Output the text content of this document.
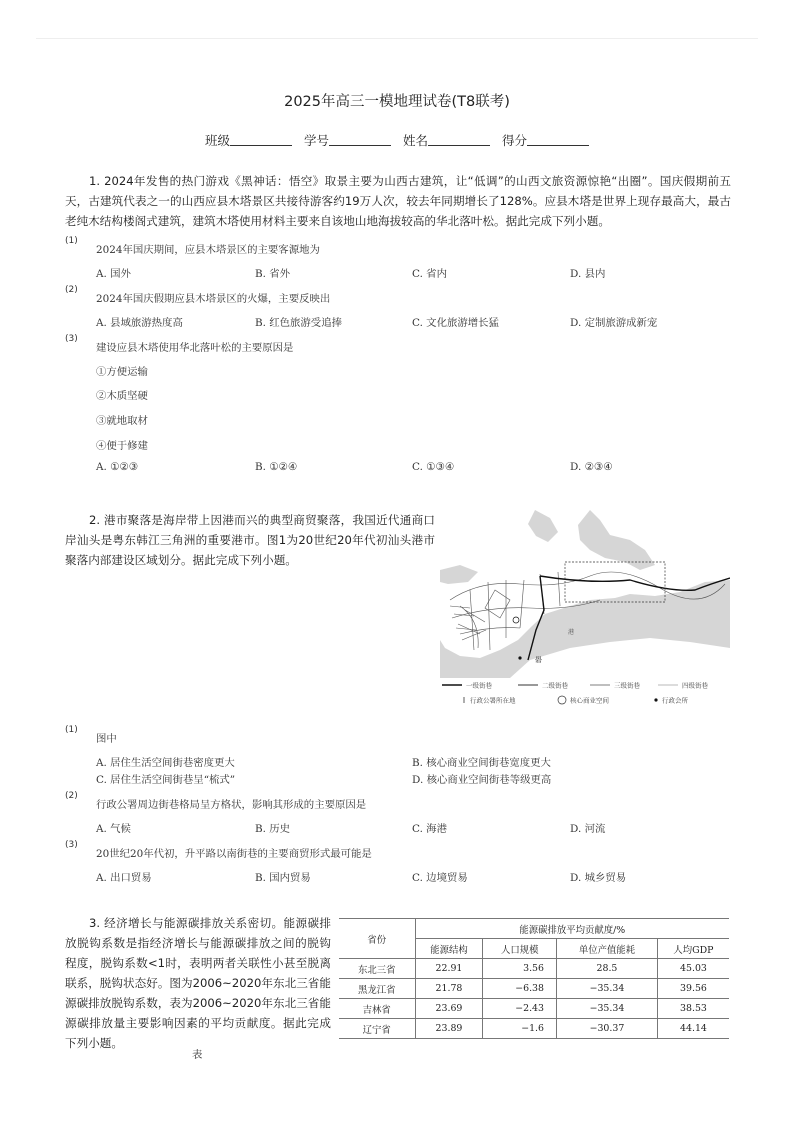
2025年高三一模地理试卷(T8联考)
班级	学号	姓名	得分
1. 2024年发售的热门游戏《黑神话：悟空》取景主要为山西古建筑，让“低调”的山西文旅资源惊艳“出圈”。国庆假期前五天，古建筑代表之一的山西应县木塔景区共接待游客约19万人次，较去年同期增长了128%。应县木塔是世界上现存最高大，最古老纯木结构楼阁式建筑，建筑木塔使用材料主要来自该地山地海拔较高的华北落叶松。据此完成下列小题。
(1)
2024年国庆期间，应县木塔景区的主要客源地为
A. 国外	B. 省外	C. 省内	D. 县内
(2)
2024年国庆假期应县木塔景区的火爆，主要反映出
A. 县域旅游热度高	B. 红色旅游受追捧	C. 文化旅游增长猛	D. 定制旅游成新宠
(3)
建设应县木塔使用华北落叶松的主要原因是
①方便运输
②木质坚硬
③就地取材
④便于修建
A. ①②③	B. ①②④	C. ①③④	D. ②③④
2. 港市聚落是海岸带上因港而兴的典型商贸聚落，我国近代通商口岸汕头是粤东韩江三角洲的重要港市。图1为20世纪20年代初汕头港市聚落内部建设区域划分。据此完成下列小题。
礐
港
一级街巷	二级街巷	三级街巷	四级街巷
行政公署所在地	核心商业空间	行政会所
(1)
图中
A. 居住生活空间街巷密度更大	B. 核心商业空间街巷宽度更大
C. 居住生活空间街巷呈“梳式”	D. 核心商业空间街巷等级更高
(2)
行政公署周边街巷格局呈方格状，影响其形成的主要原因是
A. 气候	B. 历史	C. 海港	D. 河流
(3)
20世纪20年代初，升平路以南街巷的主要商贸形式最可能是
A. 出口贸易	B. 国内贸易	C. 边境贸易	D. 城乡贸易
3. 经济增长与能源碳排放关系密切。能源碳排放脱钩系数是指经济增长与能源碳排放之间的脱钩程度，脱钩系数<1时，表明两者关联性小甚至脱离联系，脱钩状态好。图为2006~2020年东北三省能源碳排放脱钩系数，表为2006~2020年东北三省能源碳排放量主要影响因素的平均贡献度。据此完成下列小题。
省份	能源碳排放平均贡献度/%			
	能源结构	人口规模	单位产值能耗	人均GDP
东北三省	22.91	3.56	28.5	45.03
黑龙江省	21.78	−6.38	−35.34	39.56
吉林省	23.69	−2.43	−35.34	38.53
辽宁省	23.89	−1.6	−30.37	44.14
表
